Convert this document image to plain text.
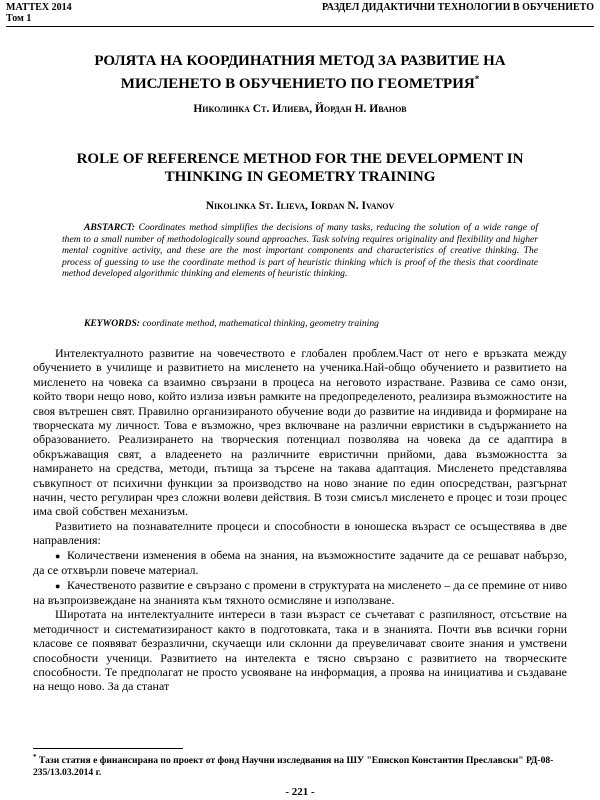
MATTEX 2014
Том 1
РАЗДЕЛ ДИДАКТИЧНИ ТЕХНОЛОГИИ В ОБУЧЕНИЕТО
РОЛЯТА НА КООРДИНАТНИЯ МЕТОД ЗА РАЗВИТИЕ НА
МИСЛЕНЕТО В ОБУЧЕНИЕТО ПО ГЕОМЕТРИЯ*
Николинка Ст. Илиева, Йордан Н. Иванов
ROLE OF REFERENCE METHOD FOR THE DEVELOPMENT IN
THINKING IN GEOMETRY TRAINING
Nikolinka St. Ilieva, Iordan N. Ivanov

ABSTARCT: Coordinates method simplifies the decisions of many tasks, reducing the solution of a wide range of them to a small number of methodologically sound approaches. Task solving requires originality and flexibility and higher mental cognitive activity, and these are the most important components and characteristics of creative thinking. The process of guessing to use the coordinate method is part of heuristic thinking which is proof of the thesis that coordinate method developed algorithmic thinking and elements of heuristic thinking.

KEYWORDS: coordinate method, mathematical thinking, geometry training

Интелектуалното развитие на човечеството е глобален проблем.Част от него е връзката между обучението в училище и развитието на мисленето на ученика.Най-общо обучението и развитието на мисленето на човека са взаимно свързани в процеса на неговото израстване. Развива се само онзи, който твори нещо ново, който излиза извън рамките на предопределеното, реализира възможностите на своя вътрешен свят. Правилно организираното обучение води до развитие на индивида и формиране на творческата му личност. Това е възможно, чрез включване на различни евристики в съдържанието на образованието. Реализирането на творческия потенциал позволява на човека да се адаптира в обкръжаващия свят, а владеенето на различните евристични прийоми, дава възможността за намирането на средства, методи, пътища за търсене на такава адаптация. Мисленето представлява съвкупност от психични функции за производство на ново знание по един опосредстван, разгърнат начин, често регулиран чрез сложни волеви действия. В този смисъл мисленето е процес и този процес има свой собствен механизъм.

Развитието на познавателните процеси и способности в юношеска възраст се осъществява в две направления:

● Количествени изменения в обема на знания, на възможностите задачите да се решават набързо, да се отхвърли повече материал.

● Качественото развитие е свързано с промени в структурата на мисленето – да се премине от ниво на възпроизвеждане на знанията към тяхното осмисляне и използване.

Широтата на интелектуалните интереси в тази възраст се съчетават с разпиляност, отсъствие на методичност и систематизираност както в подготовката, така и в знанията. Почти във всички горни класове се появяват безразлични, скучаещи или склонни да преувеличават своите знания и умствени способности ученици. Развитието на интелекта е тясно свързано с развитието на творческите способности. Те предполагат не просто усвояване на информация, а проява на инициатива и създаване на нещо ново. За да станат

* Тази статия е финансирана по проект от фонд Научни изследвания на ШУ "Епископ Константин Преславски" РД-08-235/13.03.2014 г.
- 221 -
